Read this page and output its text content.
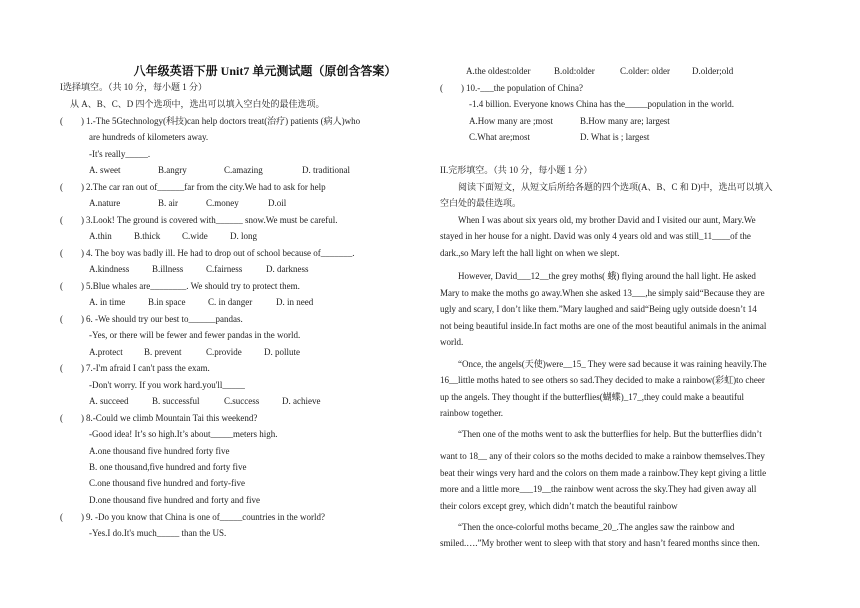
八年级英语下册 Unit7 单元测试题（原创含答案）
I选择填空。（共 10 分，每小题 1 分）
从 A、B、C、D 四个选项中，选出可以填入空白处的最佳选项。
(　　) 1.-The 5Gtechnology(科技)can help doctors treat(治疗) patients (病人)who
are hundreds of kilometers away.
-It's really_____.
A. sweet	B.angry	C.amazing	D. traditional
(　　) 2.The car ran out of______far from the city.We had to ask for help
A.nature	B. air	C.money	D.oil
(　　) 3.Look! The ground is covered with______ snow.We must be careful.
A.thin B.thick C.wide D. long
(　　) 4. The boy was badly ill. He had to drop out of school because of_______.
A.kindness	B.illness	C.fairness	D. darkness
(　　) 5.Blue whales are________. We should try to protect them.
A. in time	B.in space	C. in danger	D. in need
(　　) 6. -We should try our best to______pandas.
-Yes, or there will be fewer and fewer pandas in the world.
A.protect B. prevent	C.provide D. pollute
(　　) 7.-I'm afraid I can't pass the exam.
-Don't worry. If you work hard.you'll_____
A. succeed	B. successful	C.success	D. achieve
(　　) 8.-Could we climb Mountain Tai this weekend?
-Good idea! It’s so high.It’s about_____meters high.
A.one thousand five hundred forty five
B. one thousand,five hundred and forty five
C.one thousand five hundred and forty-five
D.one thousand five hundred and forty and five
(　　) 9. -Do you know that China is one of_____countries in the world?
-Yes.I do.It's much_____ than the US.
A.the oldest:older	B.old:older	C.older: older D.older;old
(　　) 10.-___the population of China?
-1.4 billion. Everyone knows China has the_____population in the world.
A.How many are ;most	B.How many are; largest
C.What are;most	D. What is ; largest
II.完形填空。（共 10 分，每小题 1 分）
阅读下面短文，从短文后所给各题的四个选项(A、B、C 和 D)中，选出可以填入
空白处的最佳选项。
When I was about six years old, my brother David and I visited our aunt, Mary.We
stayed in her house for a night. David was only 4 years old and was still_11____of the
dark.,so Mary left the hall light on when we slept.
However, David___12__the grey moths( 蛾) flying around the hall light. He asked
Mary to make the moths go away.When she asked 13___,he simply said“Because they are
ugly and scary, I don’t like them.”Mary laughed and said“Being ugly outside doesn’t 14
not being beautiful inside.In fact moths are one of the most beautiful animals in the animal
world.
“Once, the angels(天使)were__15_ They were sad because it was raining heavily.The
16__little moths hated to see others so sad.They decided to make a rainbow(彩虹)to cheer
up the angels. They thought if the butterflies(蝴蝶)_17_,they could make a beautiful
rainbow together.
“Then one of the moths went to ask the butterflies for help. But the butterflies didn’t
want to 18__ any of their colors so the moths decided to make a rainbow themselves.They
beat their wings very hard and the colors on them made a rainbow.They kept giving a little
more and a little more___19__the rainbow went across the sky.They had given away all
their colors except grey, which didn’t match the beautiful rainbow
“Then the once-colorful moths became_20_.The angles saw the rainbow and
smiled.….”My brother went to sleep with that story and hasn’t feared months since then.
